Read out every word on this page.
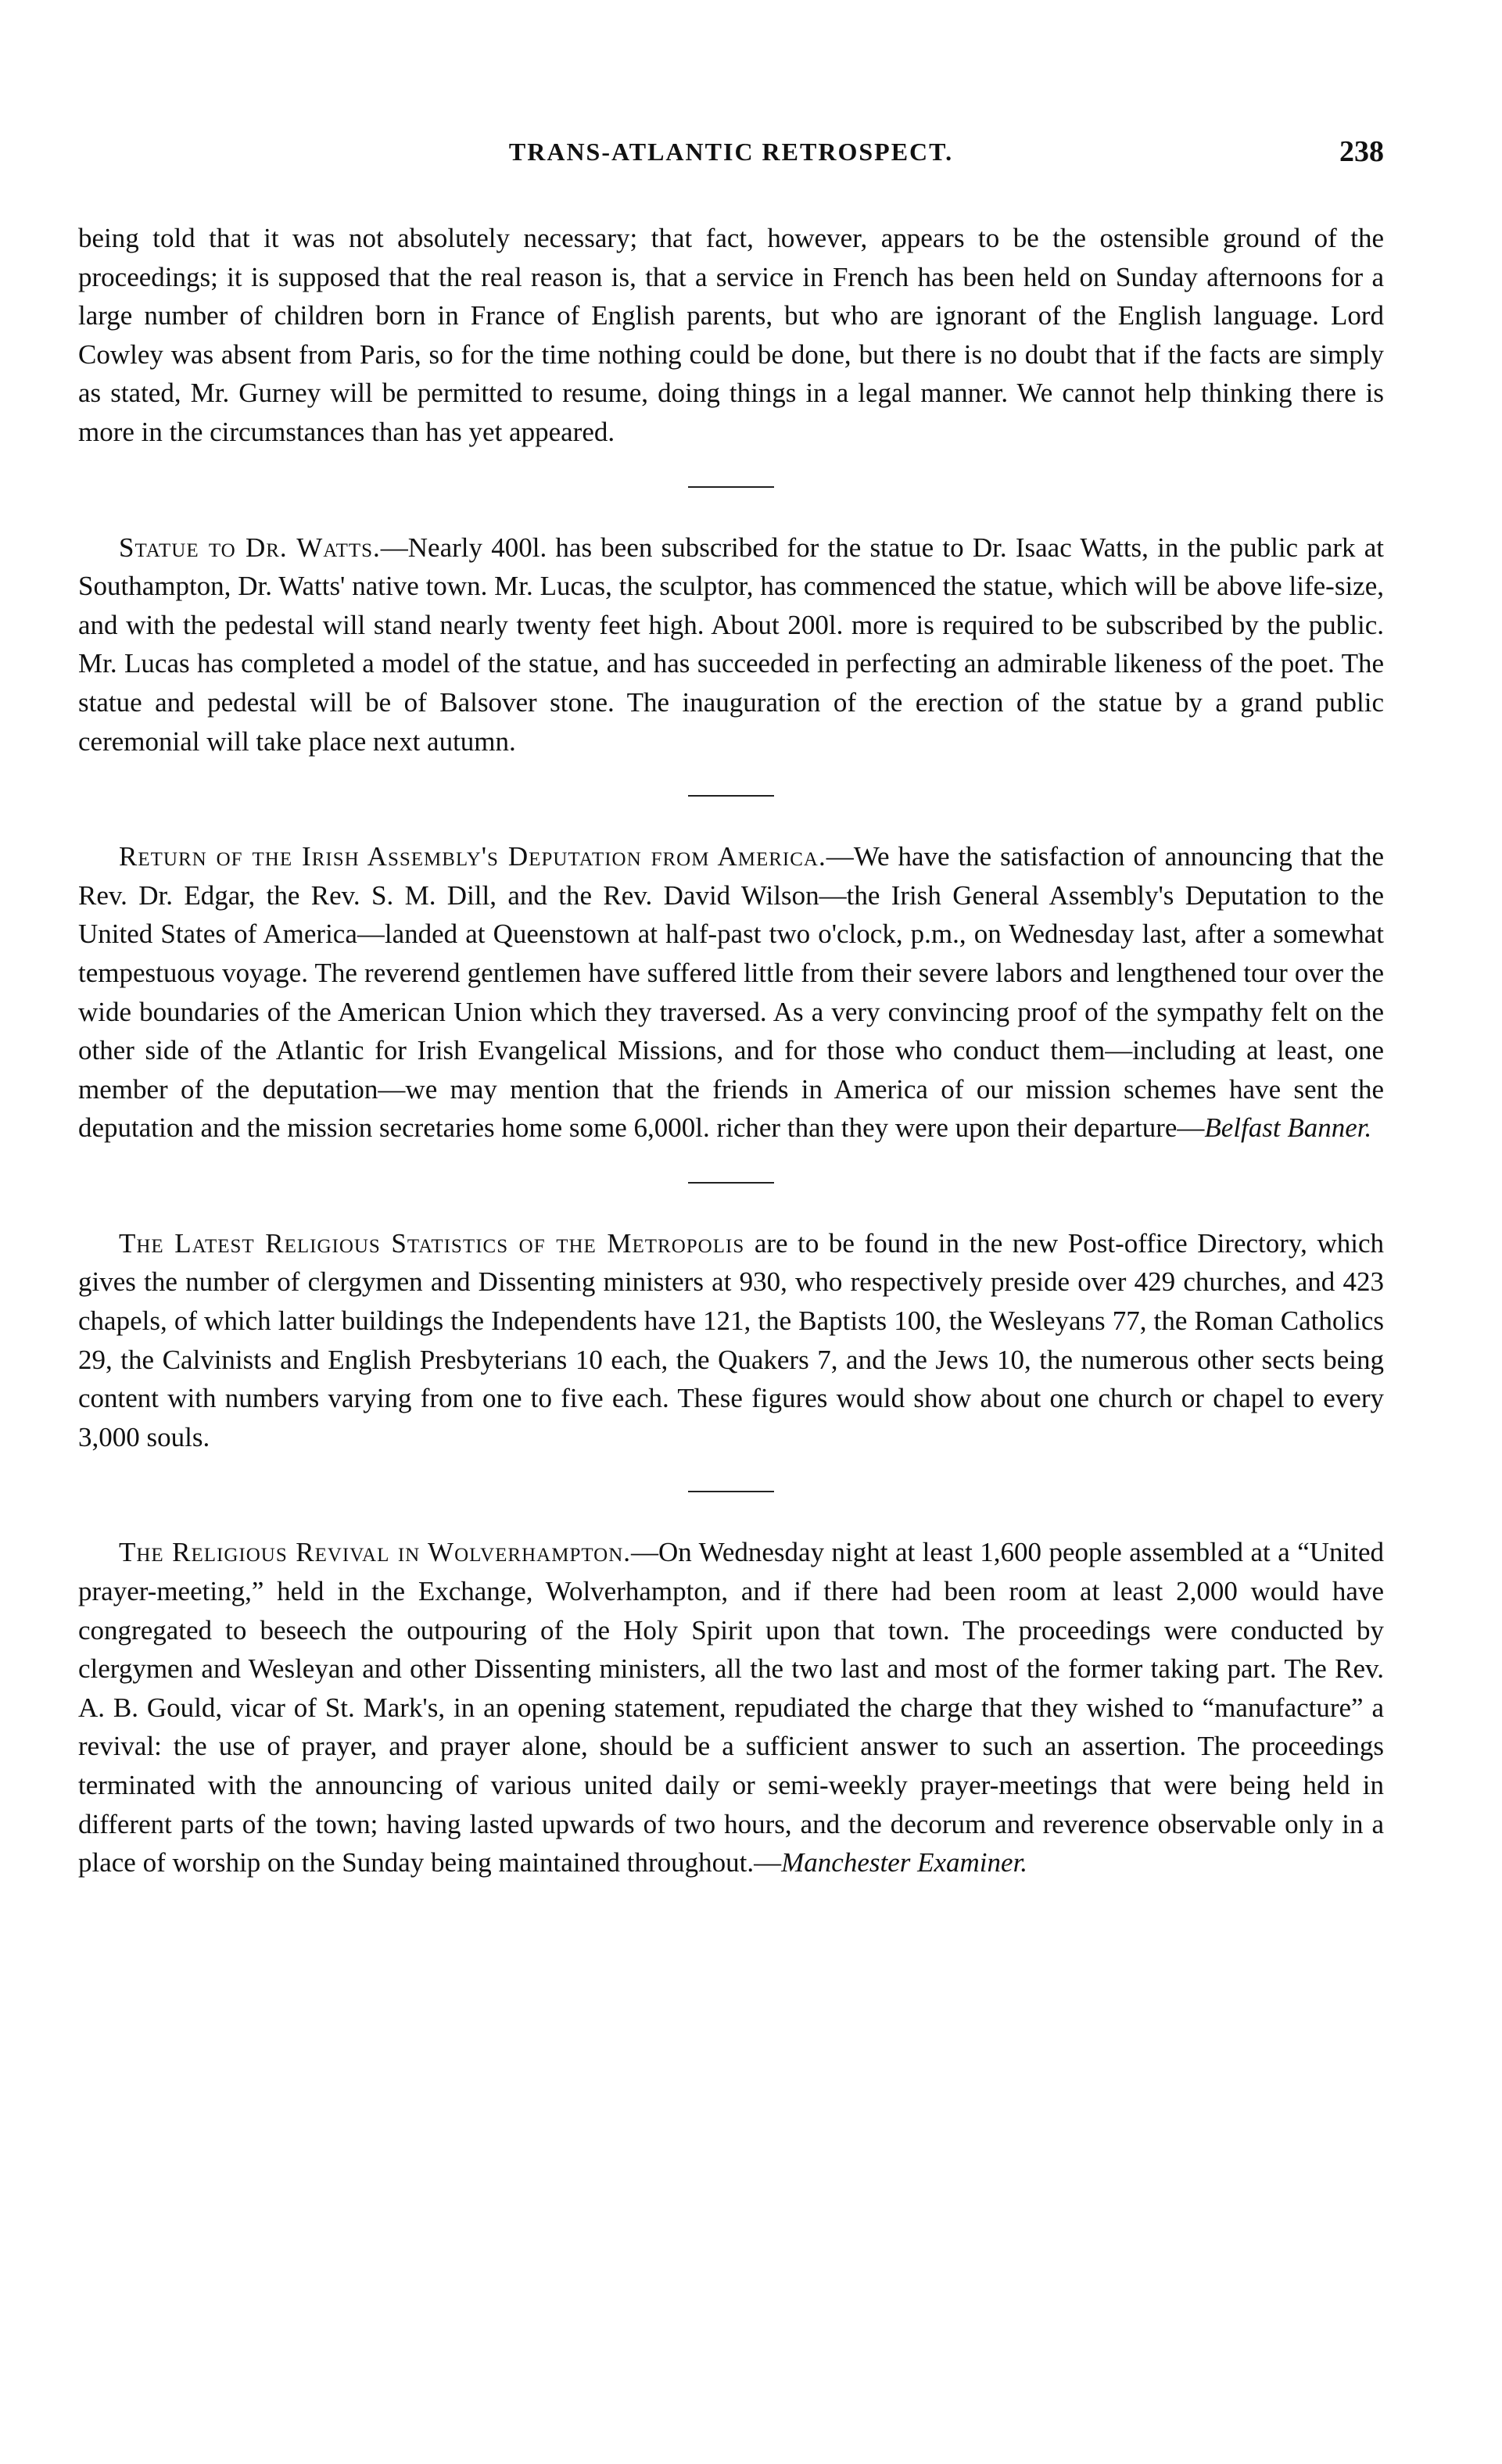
TRANS-ATLANTIC RETROSPECT.	238

being told that it was not absolutely necessary; that fact, however, appears to be the ostensible ground of the proceedings; it is supposed that the real reason is, that a service in French has been held on Sunday afternoons for a large number of children born in France of English parents, but who are ignorant of the English language. Lord Cowley was absent from Paris, so for the time nothing could be done, but there is no doubt that if the facts are simply as stated, Mr. Gurney will be permitted to resume, doing things in a legal manner. We cannot help thinking there is more in the circumstances than has yet appeared.

Statue to Dr. Watts.—Nearly 400l. has been subscribed for the statue to Dr. Isaac Watts, in the public park at Southampton, Dr. Watts' native town. Mr. Lucas, the sculptor, has commenced the statue, which will be above life-size, and with the pedestal will stand nearly twenty feet high. About 200l. more is required to be subscribed by the public. Mr. Lucas has completed a model of the statue, and has succeeded in perfecting an admirable likeness of the poet. The statue and pedestal will be of Balsover stone. The inauguration of the erection of the statue by a grand public ceremonial will take place next autumn.

Return of the Irish Assembly's Deputation from America.—We have the satisfaction of announcing that the Rev. Dr. Edgar, the Rev. S. M. Dill, and the Rev. David Wilson—the Irish General Assembly's Deputation to the United States of America—landed at Queenstown at half-past two o'clock, p.m., on Wednesday last, after a somewhat tempestuous voyage. The reverend gentlemen have suffered little from their severe labors and lengthened tour over the wide boundaries of the American Union which they traversed. As a very convincing proof of the sympathy felt on the other side of the Atlantic for Irish Evangelical Missions, and for those who conduct them—including at least, one member of the deputation—we may mention that the friends in America of our mission schemes have sent the deputation and the mission secretaries home some 6,000l. richer than they were upon their departure—Belfast Banner.

The Latest Religious Statistics of the Metropolis are to be found in the new Post-office Directory, which gives the number of clergymen and Dissenting ministers at 930, who respectively preside over 429 churches, and 423 chapels, of which latter buildings the Independents have 121, the Baptists 100, the Wesleyans 77, the Roman Catholics 29, the Calvinists and English Presbyterians 10 each, the Quakers 7, and the Jews 10, the numerous other sects being content with numbers varying from one to five each. These figures would show about one church or chapel to every 3,000 souls.

The Religious Revival in Wolverhampton.—On Wednesday night at least 1,600 people assembled at a “United prayer-meeting,” held in the Exchange, Wolverhampton, and if there had been room at least 2,000 would have congregated to beseech the outpouring of the Holy Spirit upon that town. The proceedings were conducted by clergymen and Wesleyan and other Dissenting ministers, all the two last and most of the former taking part. The Rev. A. B. Gould, vicar of St. Mark's, in an opening statement, repudiated the charge that they wished to “manufacture” a revival: the use of prayer, and prayer alone, should be a sufficient answer to such an assertion. The proceedings terminated with the announcing of various united daily or semi-weekly prayer-meetings that were being held in different parts of the town; having lasted upwards of two hours, and the decorum and reverence observable only in a place of worship on the Sunday being maintained throughout.—Manchester Examiner.
